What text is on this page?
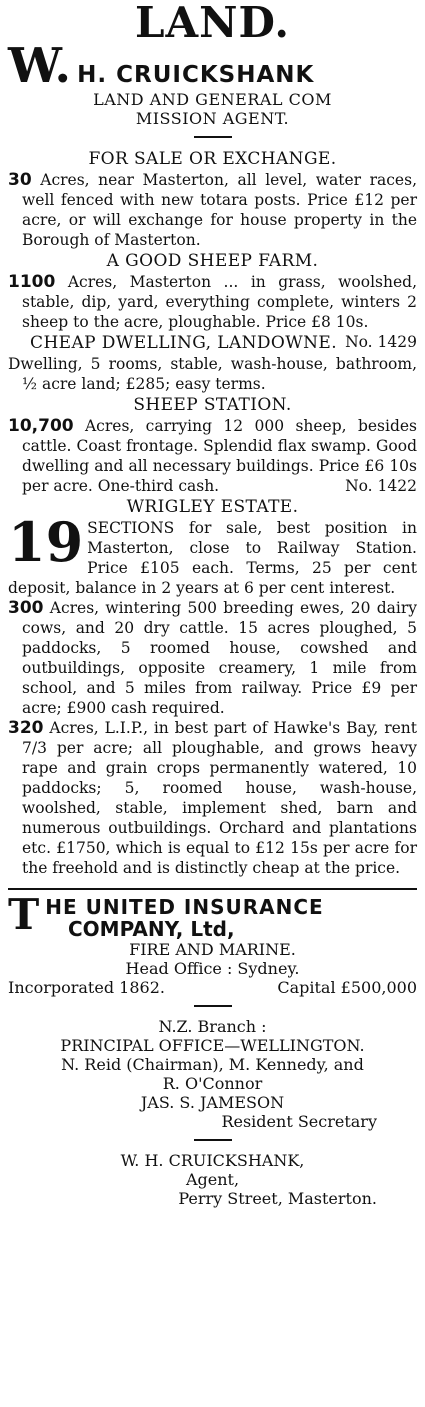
LAND.
W. H. CRUICKSHANK
LAND AND GENERAL COM
MISSION AGENT.
FOR SALE OR EXCHANGE.

30 Acres, near Masterton, all level, water races, well fenced with new totara posts. Price £12 per acre, or will exchange for house property in the Borough of Masterton.

A GOOD SHEEP FARM.

1100 Acres, Masterton ... in grass, woolshed, stable, dip, yard, everything complete, winters 2 sheep to the acre, ploughable. Price £8 10s.
No. 1429

CHEAP DWELLING, LANDOWNE.

Dwelling, 5 rooms, stable, wash-house, bathroom, ½ acre land; £285; easy terms.

SHEEP STATION.

10,700 Acres, carrying 12 000 sheep, besides cattle. Coast frontage. Splendid flax swamp. Good dwelling and all necessary buildings. Price £6 10s per acre. One-third cash.	No. 1422

WRIGLEY ESTATE.

19 SECTIONS for sale, best position in Masterton, close to Railway Station. Price £105 each. Terms, 25 per cent deposit, balance in 2 years at 6 per cent interest.

300 Acres, wintering 500 breeding ewes, 20 dairy cows, and 20 dry cattle. 15 acres ploughed, 5 paddocks, 5 roomed house, cowshed and outbuildings, opposite creamery, 1 mile from school, and 5 miles from railway. Price £9 per acre; £900 cash required.

320 Acres, L.I.P., in best part of Hawke's Bay, rent 7/3 per acre; all ploughable, and grows heavy rape and grain crops permanently watered, 10 paddocks; 5, roomed house, wash-house, woolshed, stable, implement shed, barn and numerous outbuildings. Orchard and plantations etc. £1750, which is equal to £12 15s per acre for the freehold and is distinctly cheap at the price.

T HE UNITED INSURANCE
COMPANY, Ltd,
FIRE AND MARINE.
Head Office : Sydney.
Incorporated 1862.	Capital £500,000
N.Z. Branch :
PRINCIPAL OFFICE—WELLINGTON.
N. Reid (Chairman), M. Kennedy, and
R. O'Connor
JAS. S. JAMESON
Resident Secretary
W. H. CRUICKSHANK,
Agent,
Perry Street, Masterton.
